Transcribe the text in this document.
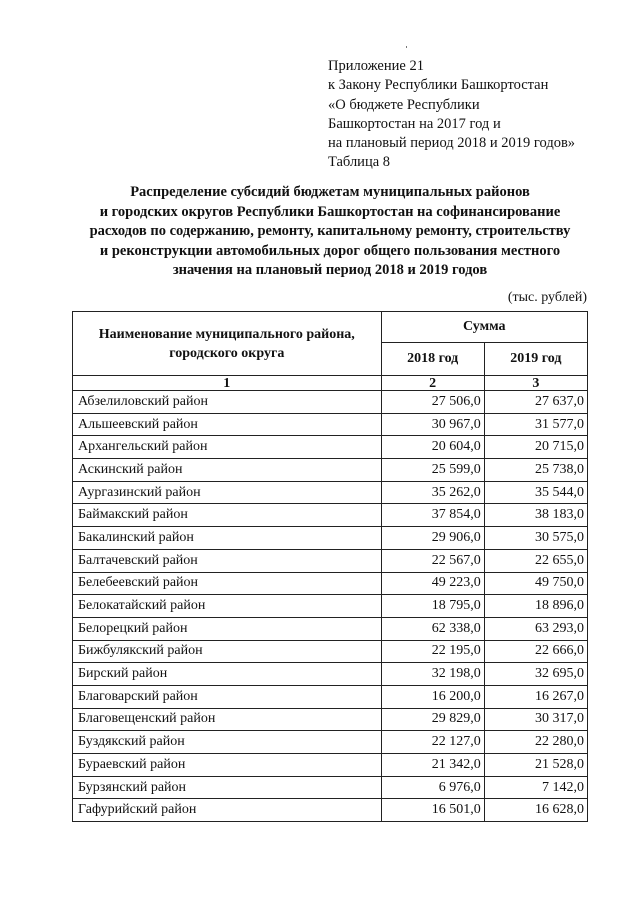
Приложение 21
к Закону Республики Башкортостан
«О бюджете Республики
Башкортостан на 2017 год и
на плановый период 2018 и 2019 годов»
Таблица 8
Распределение субсидий бюджетам муниципальных районов
и городских округов Республики Башкортостан на софинансирование
расходов по содержанию, ремонту, капитальному ремонту, строительству
и реконструкции автомобильных дорог общего пользования местного
значения на плановый период 2018 и 2019 годов
(тыс. рублей)
Наименование муниципального района, городского округа	Сумма	
	2018 год	2019 год
1	2	3
Абзелиловский район	27 506,0	27 637,0
Альшеевский район	30 967,0	31 577,0
Архангельский район	20 604,0	20 715,0
Аскинский район	25 599,0	25 738,0
Аургазинский район	35 262,0	35 544,0
Баймакский район	37 854,0	38 183,0
Бакалинский район	29 906,0	30 575,0
Балтачевский район	22 567,0	22 655,0
Белебеевский район	49 223,0	49 750,0
Белокатайский район	18 795,0	18 896,0
Белорецкий район	62 338,0	63 293,0
Бижбулякский район	22 195,0	22 666,0
Бирский район	32 198,0	32 695,0
Благоварский район	16 200,0	16 267,0
Благовещенский район	29 829,0	30 317,0
Буздякский район	22 127,0	22 280,0
Бураевский район	21 342,0	21 528,0
Бурзянский район	6 976,0	7 142,0
Гафурийский район	16 501,0	16 628,0
